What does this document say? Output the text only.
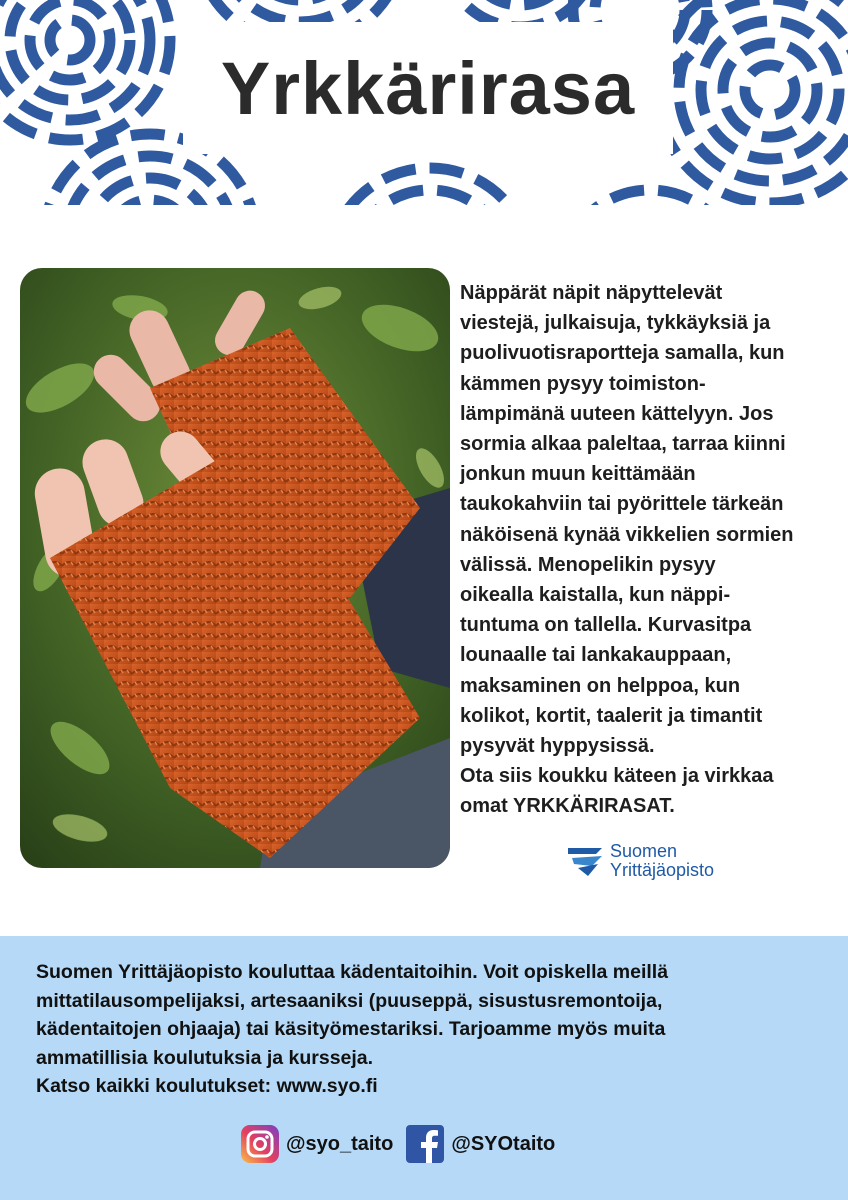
Yrkkärirasa

Näppärät näpit näpyttelevät

viestejä, julkaisuja, tykkäyksiä ja

puolivuotisraportteja samalla, kun

kämmen pysyy toimiston-

lämpimänä uuteen kättelyyn. Jos

sormia alkaa paleltaa, tarraa kiinni

jonkun muun keittämään

taukokahviin tai pyörittele tärkeän

näköisenä kynää vikkelien sormien

välissä. Menopelikin pysyy

oikealla kaistalla, kun näppi-

tuntuma on tallella. Kurvasitpa

lounaalle tai lankakauppaan,

maksaminen on helppoa, kun

kolikot, kortit, taalerit ja timantit

pysyvät hyppysissä.

Ota siis koukku käteen ja virkkaa

omat YRKKÄRIRASAT.

Suomen
Yrittäjäopisto

Suomen Yrittäjäopisto kouluttaa kädentaitoihin. Voit opiskella meillä

mittatilausompelijaksi, artesaaniksi (puuseppä, sisustusremontoija,

kädentaitojen ohjaaja) tai käsityömestariksi. Tarjoamme myös muita

ammatillisia koulutuksia ja kursseja.

Katso kaikki koulutukset: www.syo.fi

@syo_taito	@SYOtaito
